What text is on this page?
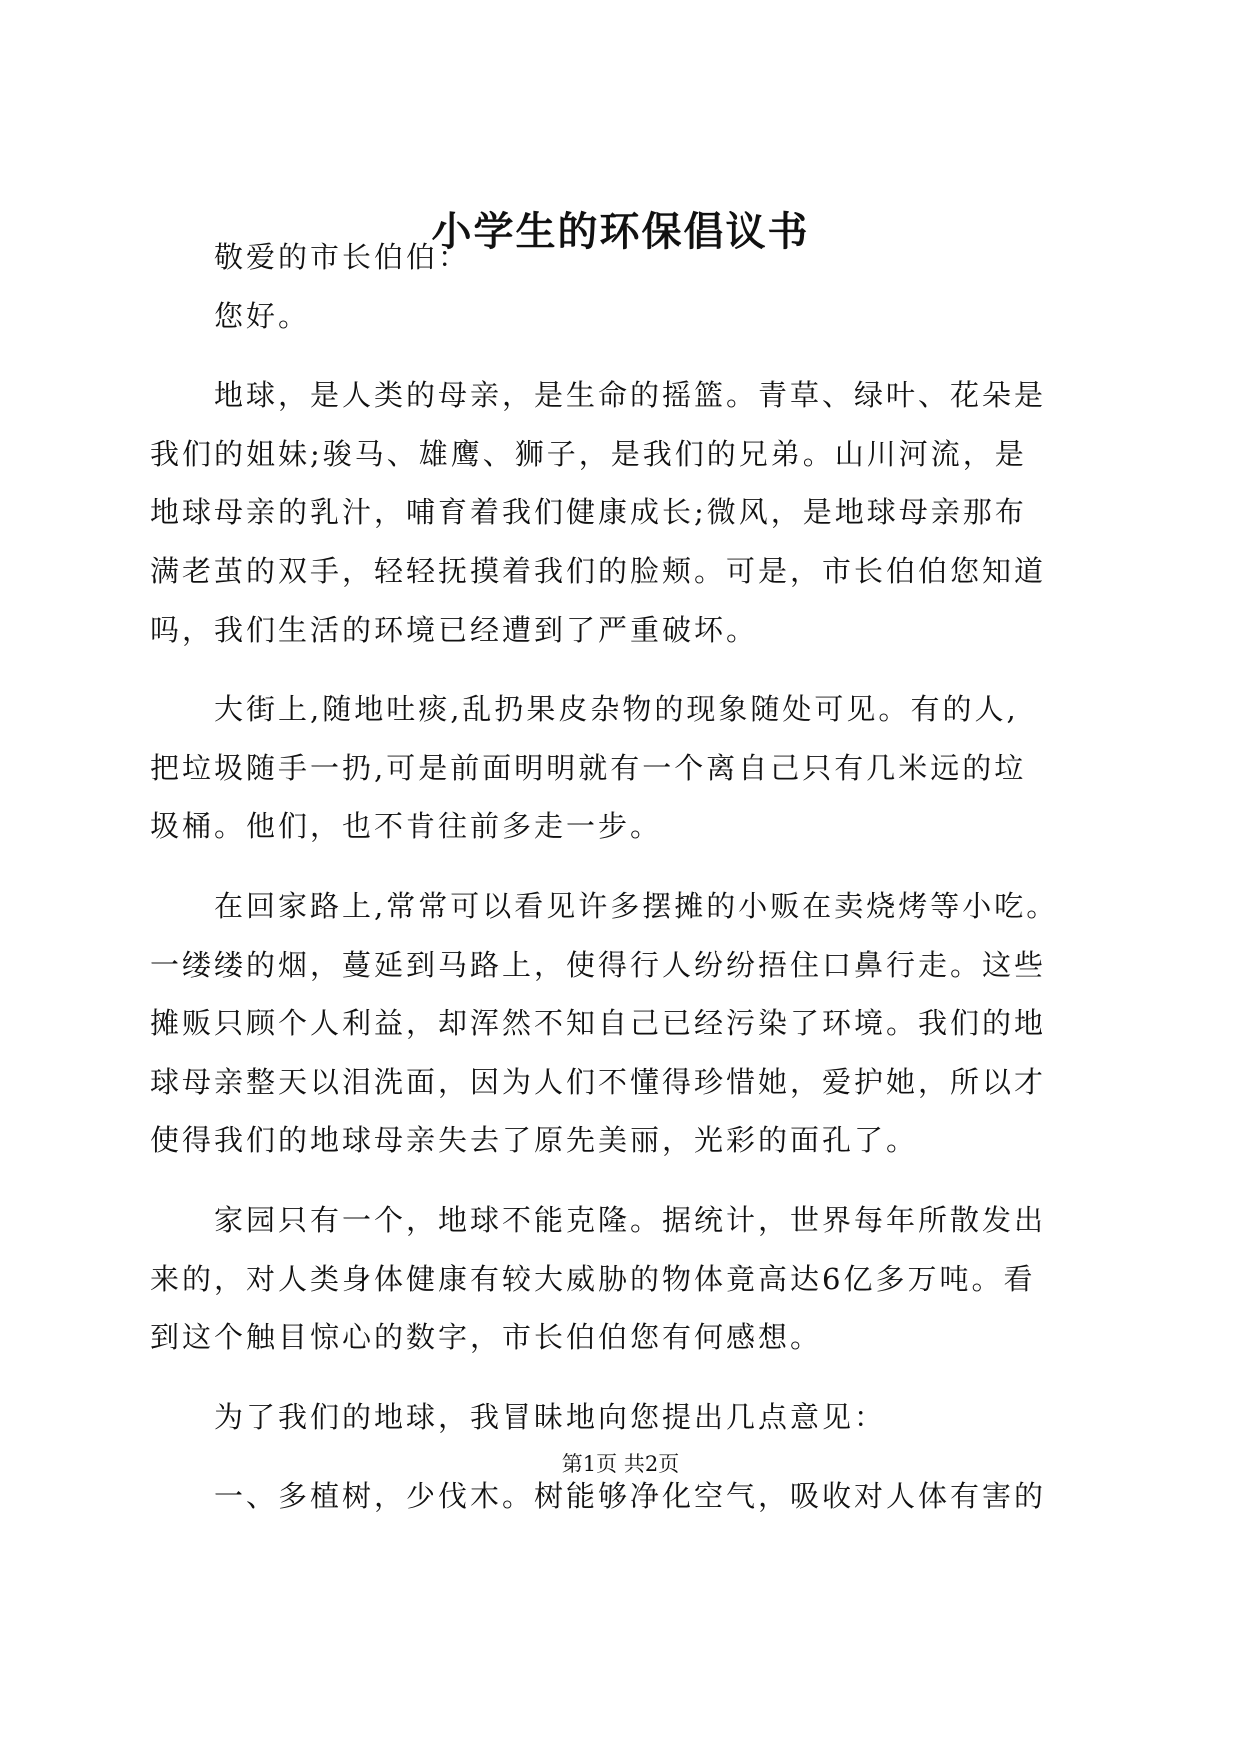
小学生的环保倡议书
敬爱的市长伯伯：
您好。
地球，是人类的母亲，是生命的摇篮。青草、绿叶、花朵是
我们的姐妹;骏马、雄鹰、狮子，是我们的兄弟。山川河流，是
地球母亲的乳汁，哺育着我们健康成长;微风，是地球母亲那布
满老茧的双手，轻轻抚摸着我们的脸颊。可是，市长伯伯您知道
吗，我们生活的环境已经遭到了严重破坏。
大街上,随地吐痰,乱扔果皮杂物的现象随处可见。有的人,
把垃圾随手一扔,可是前面明明就有一个离自己只有几米远的垃
圾桶。他们，也不肯往前多走一步。
在回家路上,常常可以看见许多摆摊的小贩在卖烧烤等小吃。
一缕缕的烟，蔓延到马路上，使得行人纷纷捂住口鼻行走。这些
摊贩只顾个人利益，却浑然不知自己已经污染了环境。我们的地
球母亲整天以泪洗面，因为人们不懂得珍惜她，爱护她，所以才
使得我们的地球母亲失去了原先美丽，光彩的面孔了。
家园只有一个，地球不能克隆。据统计，世界每年所散发出
来的，对人类身体健康有较大威胁的物体竟高达6亿多万吨。看
到这个触目惊心的数字，市长伯伯您有何感想。
为了我们的地球，我冒昧地向您提出几点意见：
一、多植树，少伐木。树能够净化空气，吸收对人体有害的
第1页 共2页
